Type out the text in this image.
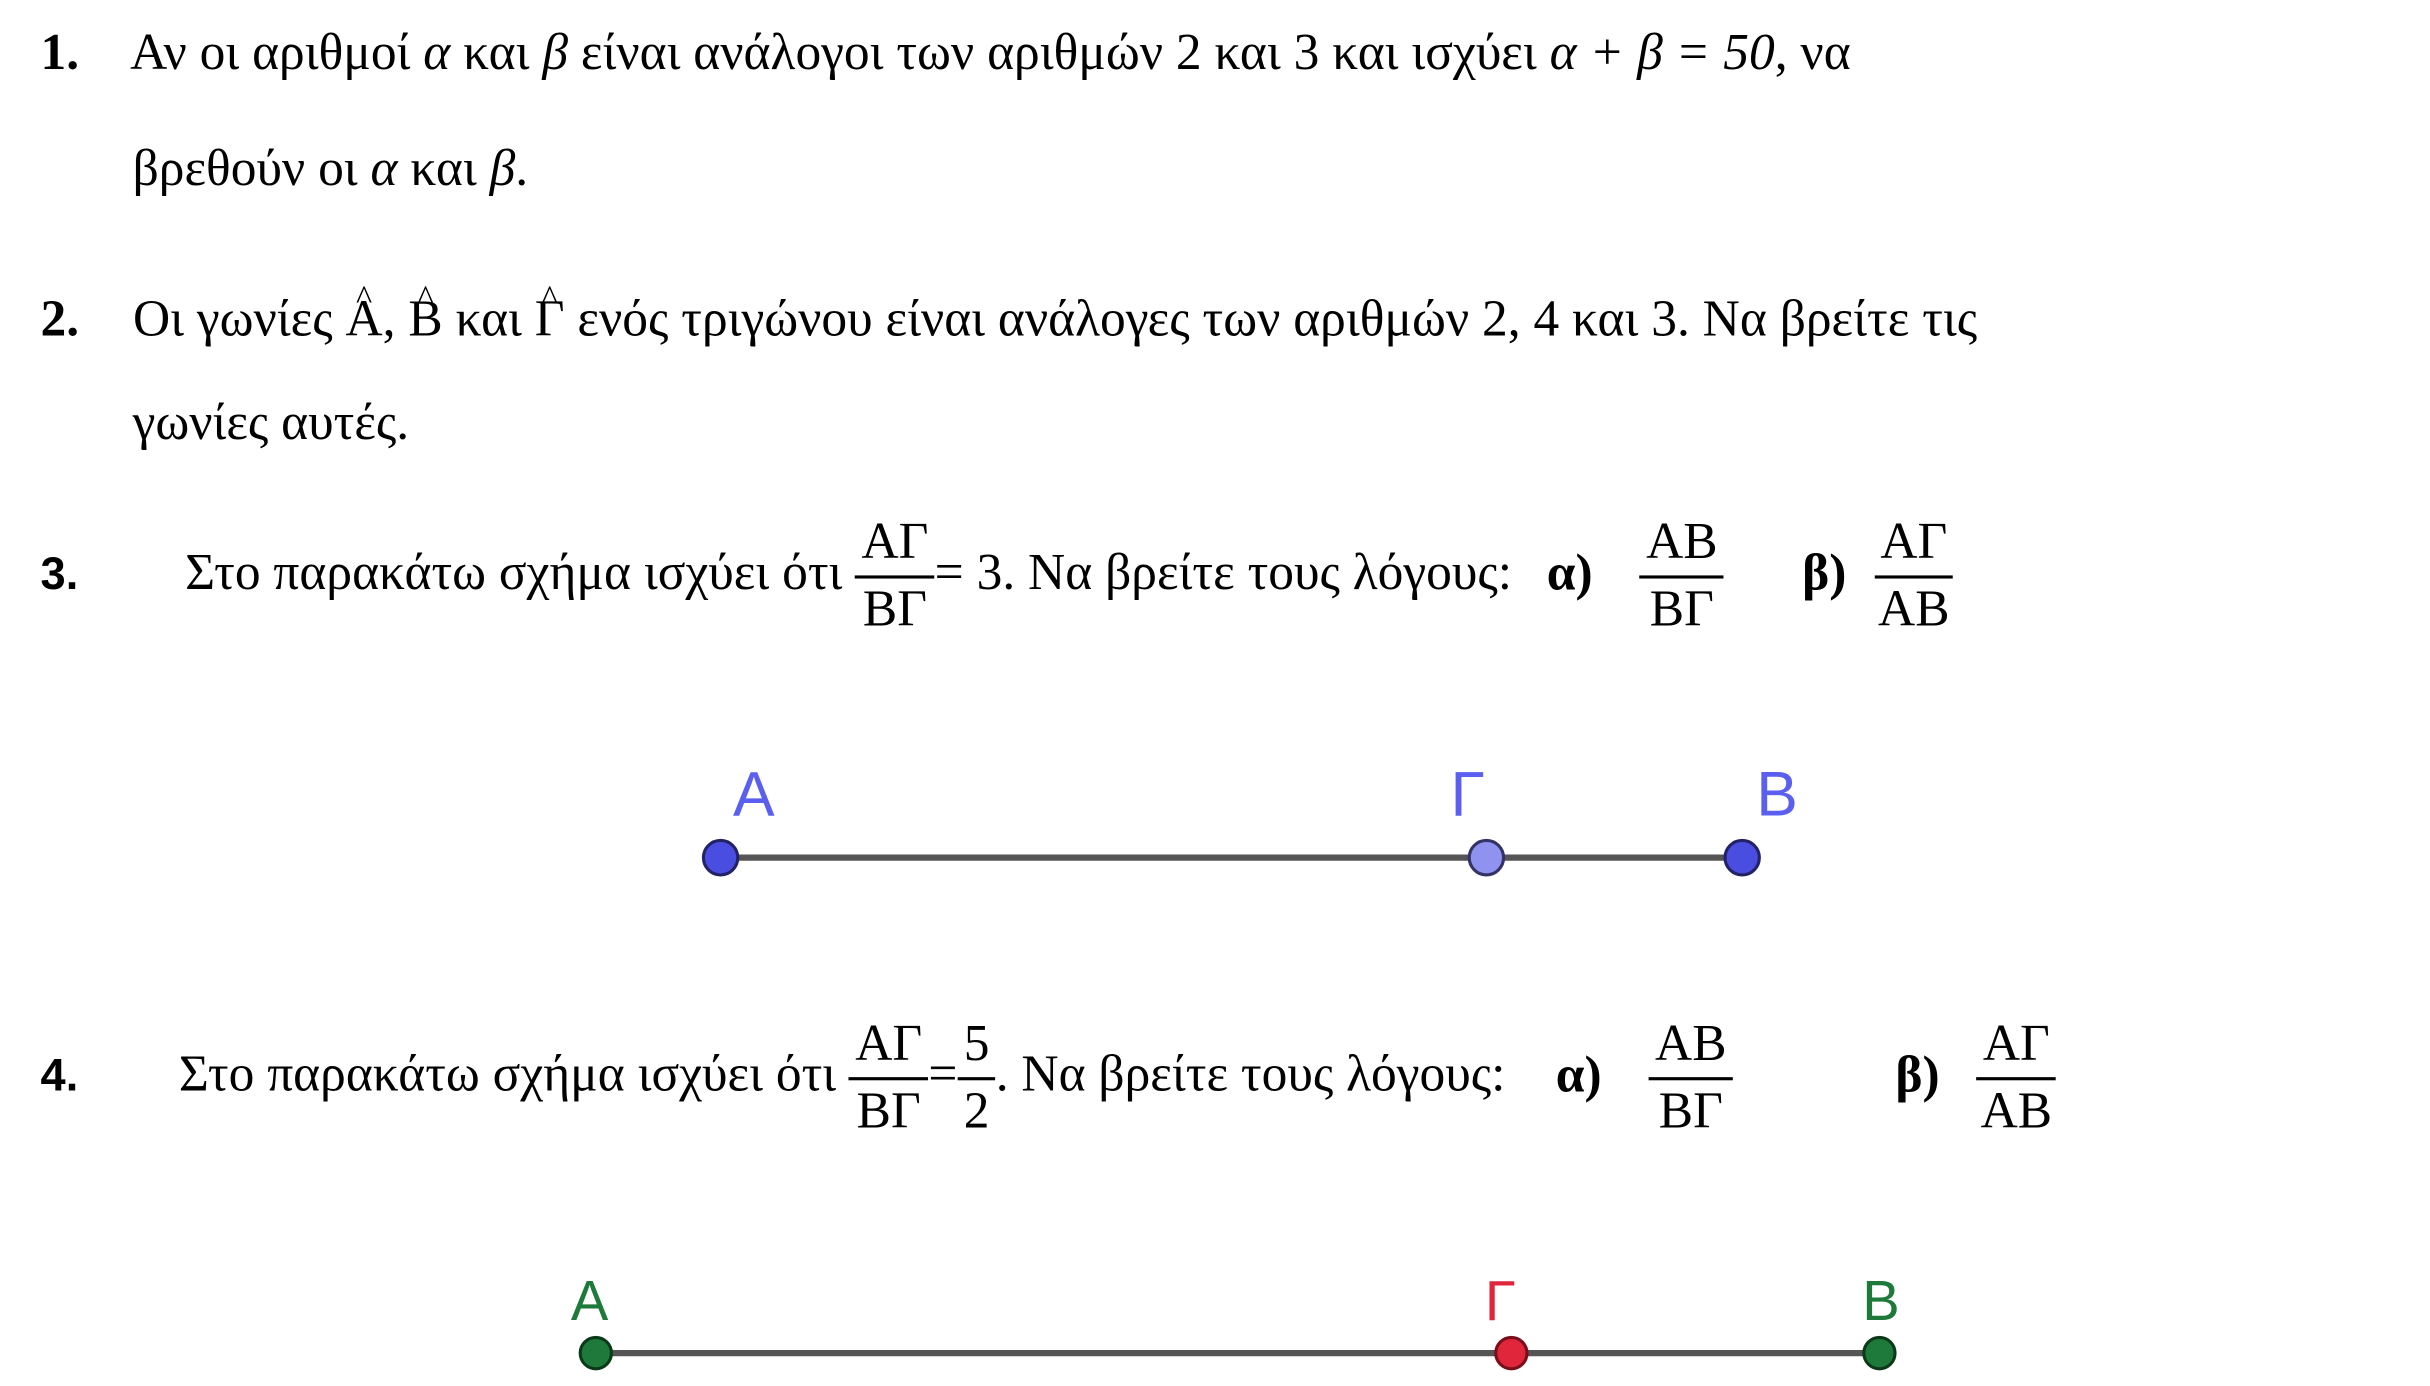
1. Αν οι αριθμοί α και β είναι ανάλογοι των αριθμών 2 και 3 και ισχύει α + β = 50, να
βρεθούν οι α και β.
2. Οι γωνίες ^ Α, ^ Β και ^ Γ ενός τριγώνου είναι ανάλογες των αριθμών 2, 4 και 3. Να βρείτε τις
γωνίες αυτές.
3.	Στο παρακάτω σχήμα ισχύει ότι $\frac{A\Gamma}{B\Gamma} = 3$. Να βρείτε τους λόγους: $\alpha) \frac{AB}{B\Gamma} \beta) \frac{A\Gamma}{AB}$
A	Γ	B
4.	Στο παρακάτω σχήμα ισχύει ότι $\frac{A\Gamma}{B\Gamma} = \frac{5}{2}$ . Να βρείτε τους λόγους: $\alpha) \frac{AB}{B\Gamma}$	$\beta) \frac{A\Gamma}{AB}$
A	Γ	B
